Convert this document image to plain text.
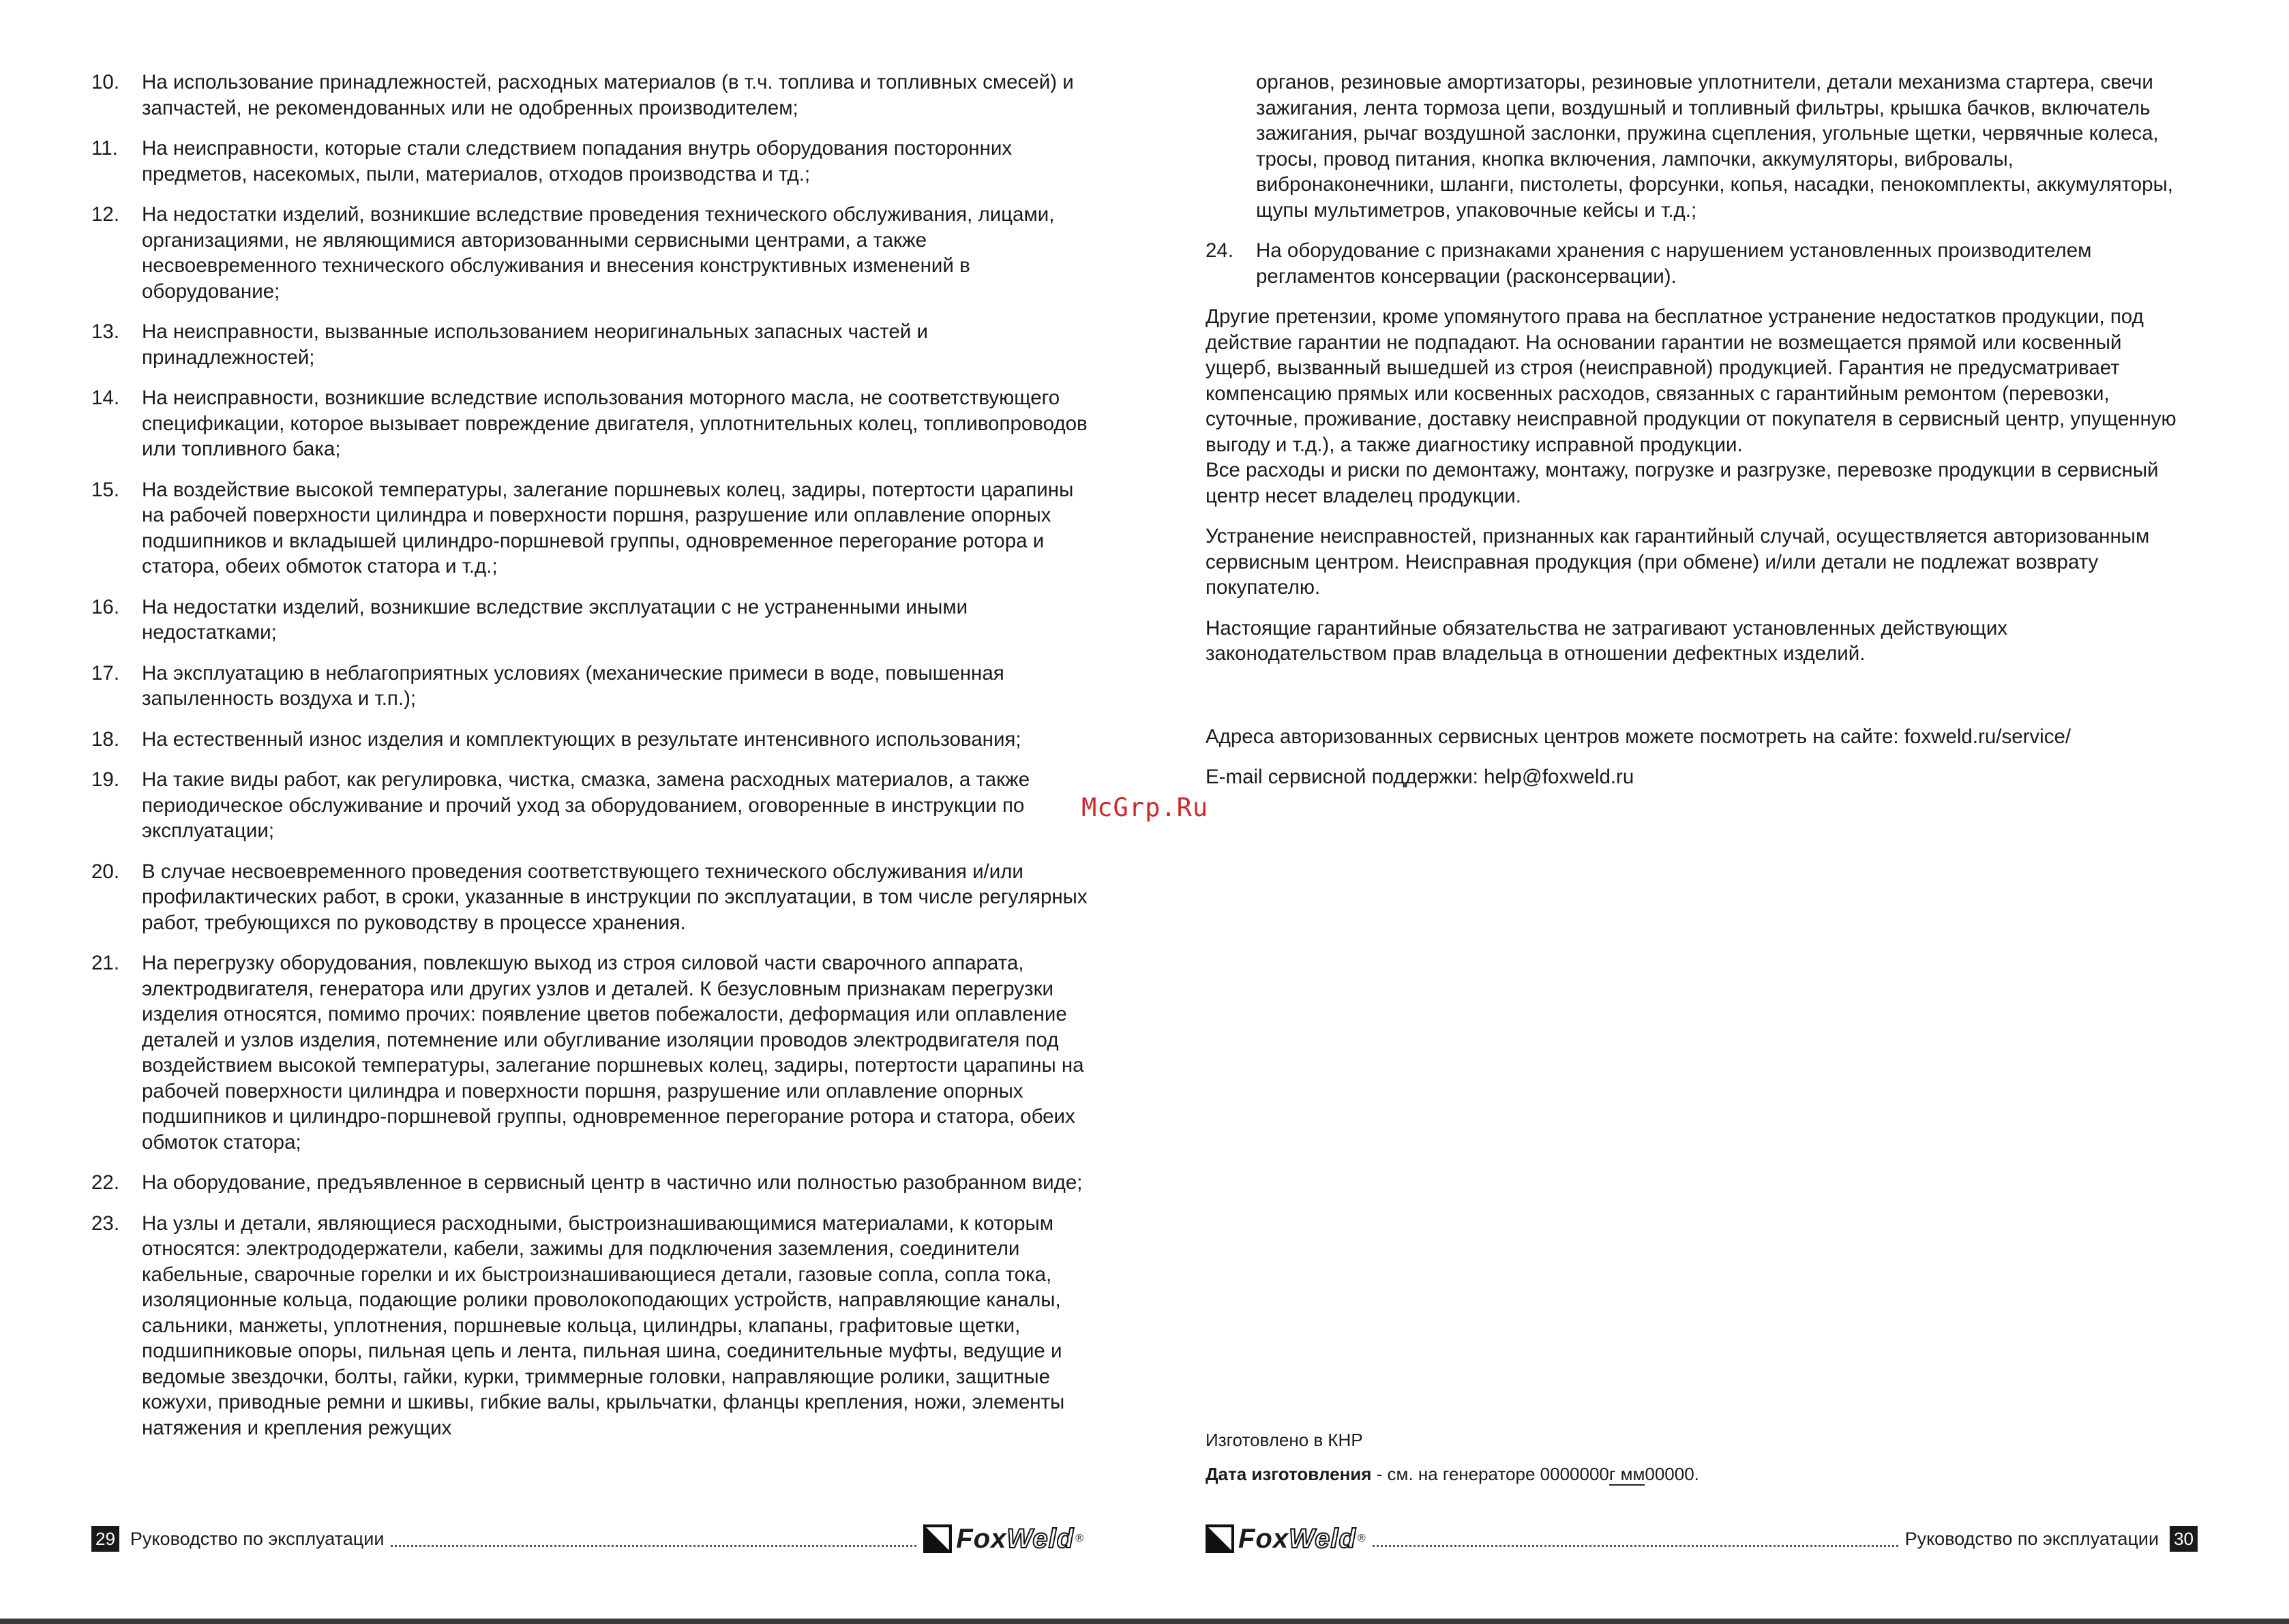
10. На использование принадлежностей, расходных материалов (в т.ч. топлива и топливных смесей) и запчастей, не рекомендованных или не одобренных производителем;
11. На неисправности, которые стали следствием попадания внутрь оборудования посторонних предметов, насекомых, пыли, материалов, отходов производства и тд.;
12. На недостатки изделий, возникшие вследствие проведения технического обслуживания, лицами, организациями, не являющимися авторизованными сервисными центрами, а также несвоевременного технического обслуживания и внесения конструктивных изменений в оборудование;
13. На неисправности, вызванные использованием неоригинальных запасных частей и принадлежностей;
14. На неисправности, возникшие вследствие использования моторного масла, не соответствующего спецификации, которое вызывает повреждение двигателя, уплотнительных колец, топливопроводов или топливного бака;
15. На воздействие высокой температуры, залегание поршневых колец, задиры, потертости царапины на рабочей поверхности цилиндра и поверхности поршня, разрушение или оплавление опорных подшипников и вкладышей цилиндро-поршневой группы, одновременное перегорание ротора и статора, обеих обмоток статора и т.д.;
16. На недостатки изделий, возникшие вследствие эксплуатации с не устраненными иными недостатками;
17. На эксплуатацию в неблагоприятных условиях (механические примеси в воде, повышенная запыленность воздуха и т.п.);
18. На естественный износ изделия и комплектующих в результате интенсивного использования;
19. На такие виды работ, как регулировка, чистка, смазка, замена расходных материалов, а также периодическое обслуживание и прочий уход за оборудованием, оговоренные в инструкции по эксплуатации;
20. В случае несвоевременного проведения соответствующего технического обслуживания и/или профилактических работ, в сроки, указанные в инструкции по эксплуатации, в том числе регулярных работ, требующихся по руководству в процессе хранения.
21. На перегрузку оборудования, повлекшую выход из строя силовой части сварочного аппарата, электродвигателя, генератора или других узлов и деталей. К безусловным признакам перегрузки изделия относятся, помимо прочих: появление цветов побежалости, деформация или оплавление деталей и узлов изделия, потемнение или обугливание изоляции проводов электродвигателя под воздействием высокой температуры, залегание поршневых колец, задиры, потертости царапины на рабочей поверхности цилиндра и поверхности поршня, разрушение или оплавление опорных подшипников и цилиндро-поршневой группы, одновременное перегорание ротора и статора, обеих обмоток статора;
22. На оборудование, предъявленное в сервисный центр в частично или полностью разобранном виде;
23. На узлы и детали, являющиеся расходными, быстроизнашивающимися материалами, к которым относятся: электрододержатели, кабели, зажимы для подключения заземления, соединители кабельные, сварочные горелки и их быстроизнашивающиеся детали, газовые сопла, сопла тока, изоляционные кольца, подающие ролики проволокоподающих устройств, направляющие каналы, сальники, манжеты, уплотнения, поршневые кольца, цилиндры, клапаны, графитовые щетки, подшипниковые опоры, пильная цепь и лента, пильная шина, соединительные муфты, ведущие и ведомые звездочки, болты, гайки, курки, триммерные головки, направляющие ролики, защитные кожухи, приводные ремни и шкивы, гибкие валы, крыльчатки, фланцы крепления, ножи, элементы натяжения и крепления режущих
органов, резиновые амортизаторы, резиновые уплотнители, детали механизма стартера, свечи зажигания, лента тормоза цепи, воздушный и топливный фильтры, крышка бачков, включатель зажигания, рычаг воздушной заслонки, пружина сцепления, угольные щетки, червячные колеса, тросы, провод питания, кнопка включения, лампочки, аккумуляторы, вибровалы, вибронаконечники, шланги, пистолеты, форсунки, копья, насадки, пенокомплекты, аккумуляторы, щупы мультиметров, упаковочные кейсы и т.д.;
24. На оборудование с признаками хранения с нарушением установленных производителем регламентов консервации (расконсервации).
Другие претензии, кроме упомянутого права на бесплатное устранение недостатков продукции, под действие гарантии не подпадают. На основании гарантии не возмещается прямой или косвенный ущерб, вызванный вышедшей из строя (неисправной) продукцией. Гарантия не предусматривает компенсацию прямых или косвенных расходов, связанных с гарантийным ремонтом (перевозки, суточные, проживание, доставку неисправной продукции от покупателя в сервисный центр, упущенную выгоду и т.д.), а также диагностику исправной продукции.
Все расходы и риски по демонтажу, монтажу, погрузке и разгрузке, перевозке продукции в сервисный центр несет владелец продукции.
Устранение неисправностей, признанных как гарантийный случай, осуществляется авторизованным сервисным центром. Неисправная продукция (при обмене) и/или детали не подлежат возврату покупателю.
Настоящие гарантийные обязательства не затрагивают установленных действующих законодательством прав владельца в отношении дефектных изделий.
Адреса авторизованных сервисных центров можете посмотреть на сайте: foxweld.ru/service/
E-mail сервисной поддержки: help@foxweld.ru
McGrp.Ru
Изготовлено в КНР
Дата изготовления - см. на генераторе 0000000г мм00000.
29 Руководство по эксплуатации	FoxWeld ®	FoxWeld ®	Руководство по эксплуатации 30
